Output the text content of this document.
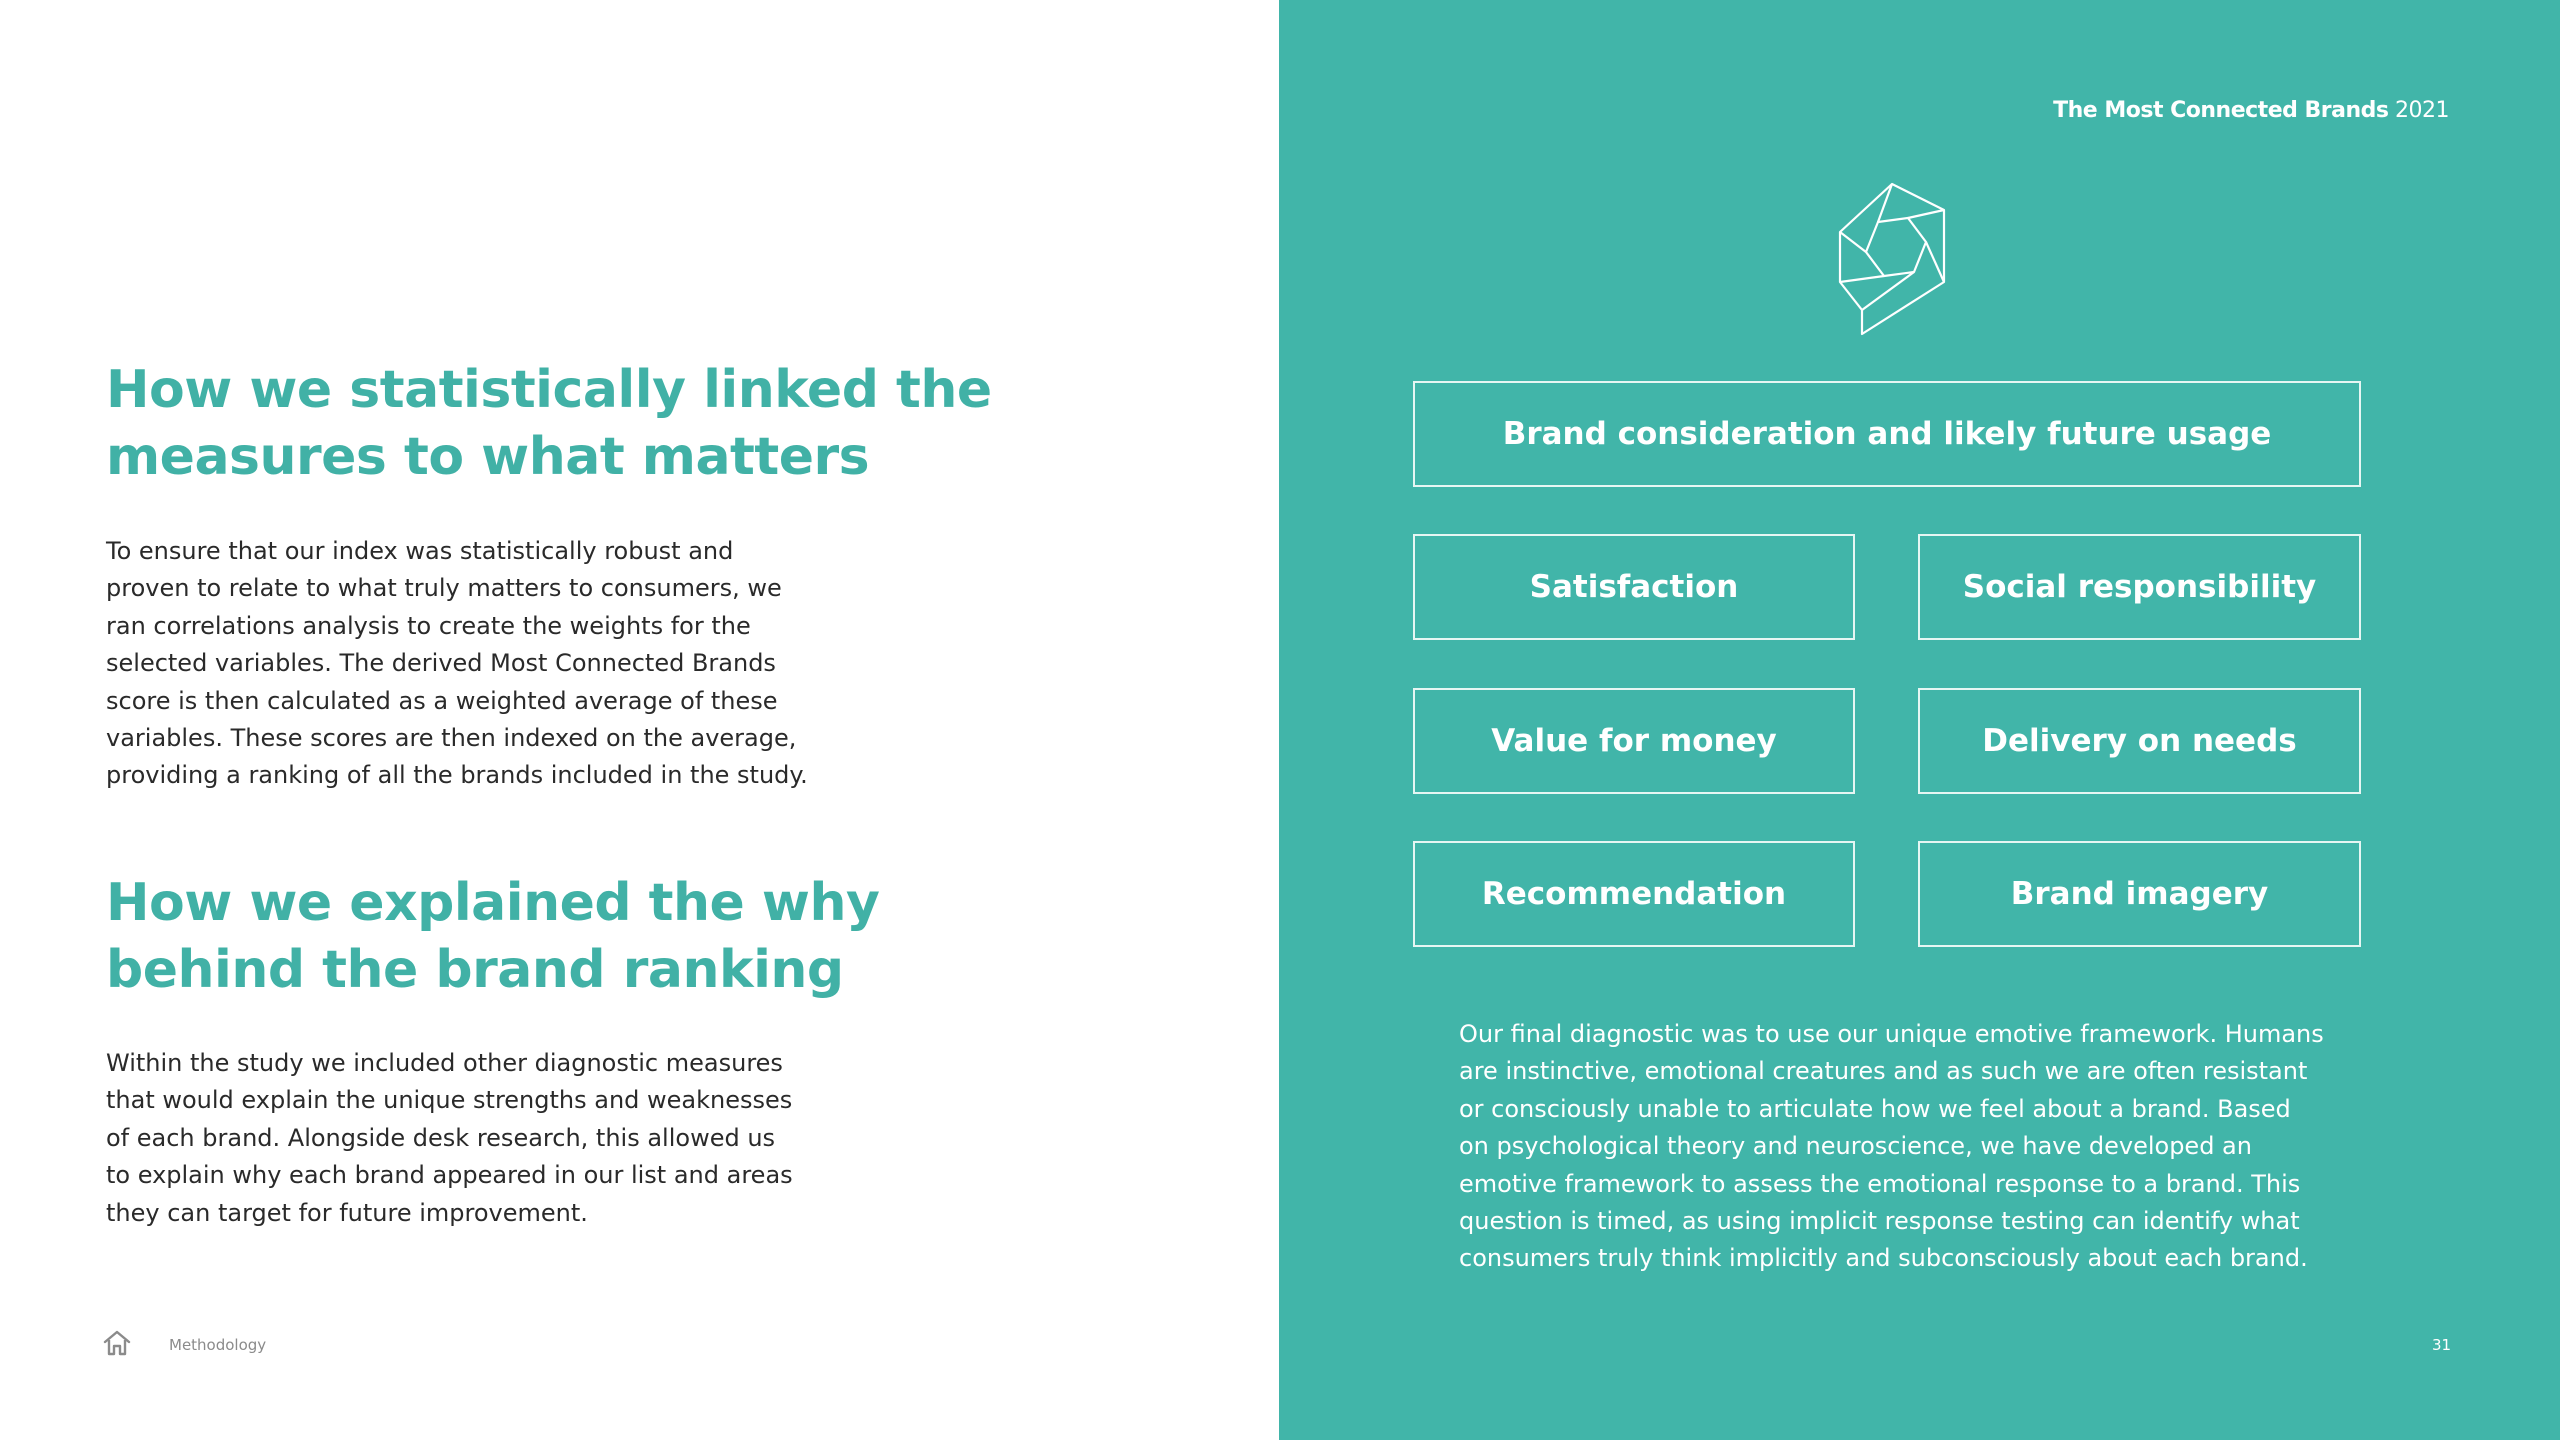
How we statistically linked the
measures to what matters

To ensure that our index was statistically robust and
proven to relate to what truly matters to consumers, we
ran correlations analysis to create the weights for the
selected variables. The derived Most Connected Brands
score is then calculated as a weighted average of these
variables. These scores are then indexed on the average,
providing a ranking of all the brands included in the study.

How we explained the why
behind the brand ranking

Within the study we included other diagnostic measures
that would explain the unique strengths and weaknesses
of each brand. Alongside desk research, this allowed us
to explain why each brand appeared in our list and areas
they can target for future improvement.

Methodology
The Most Connected Brands 2021
Brand consideration and likely future usage
Satisfaction	Social responsibility
Value for money	Delivery on needs
Recommendation	Brand imagery

Our final diagnostic was to use our unique emotive framework. Humans
are instinctive, emotional creatures and as such we are often resistant
or consciously unable to articulate how we feel about a brand. Based
on psychological theory and neuroscience, we have developed an
emotive framework to assess the emotional response to a brand. This
question is timed, as using implicit response testing can identify what
consumers truly think implicitly and subconsciously about each brand.

31
